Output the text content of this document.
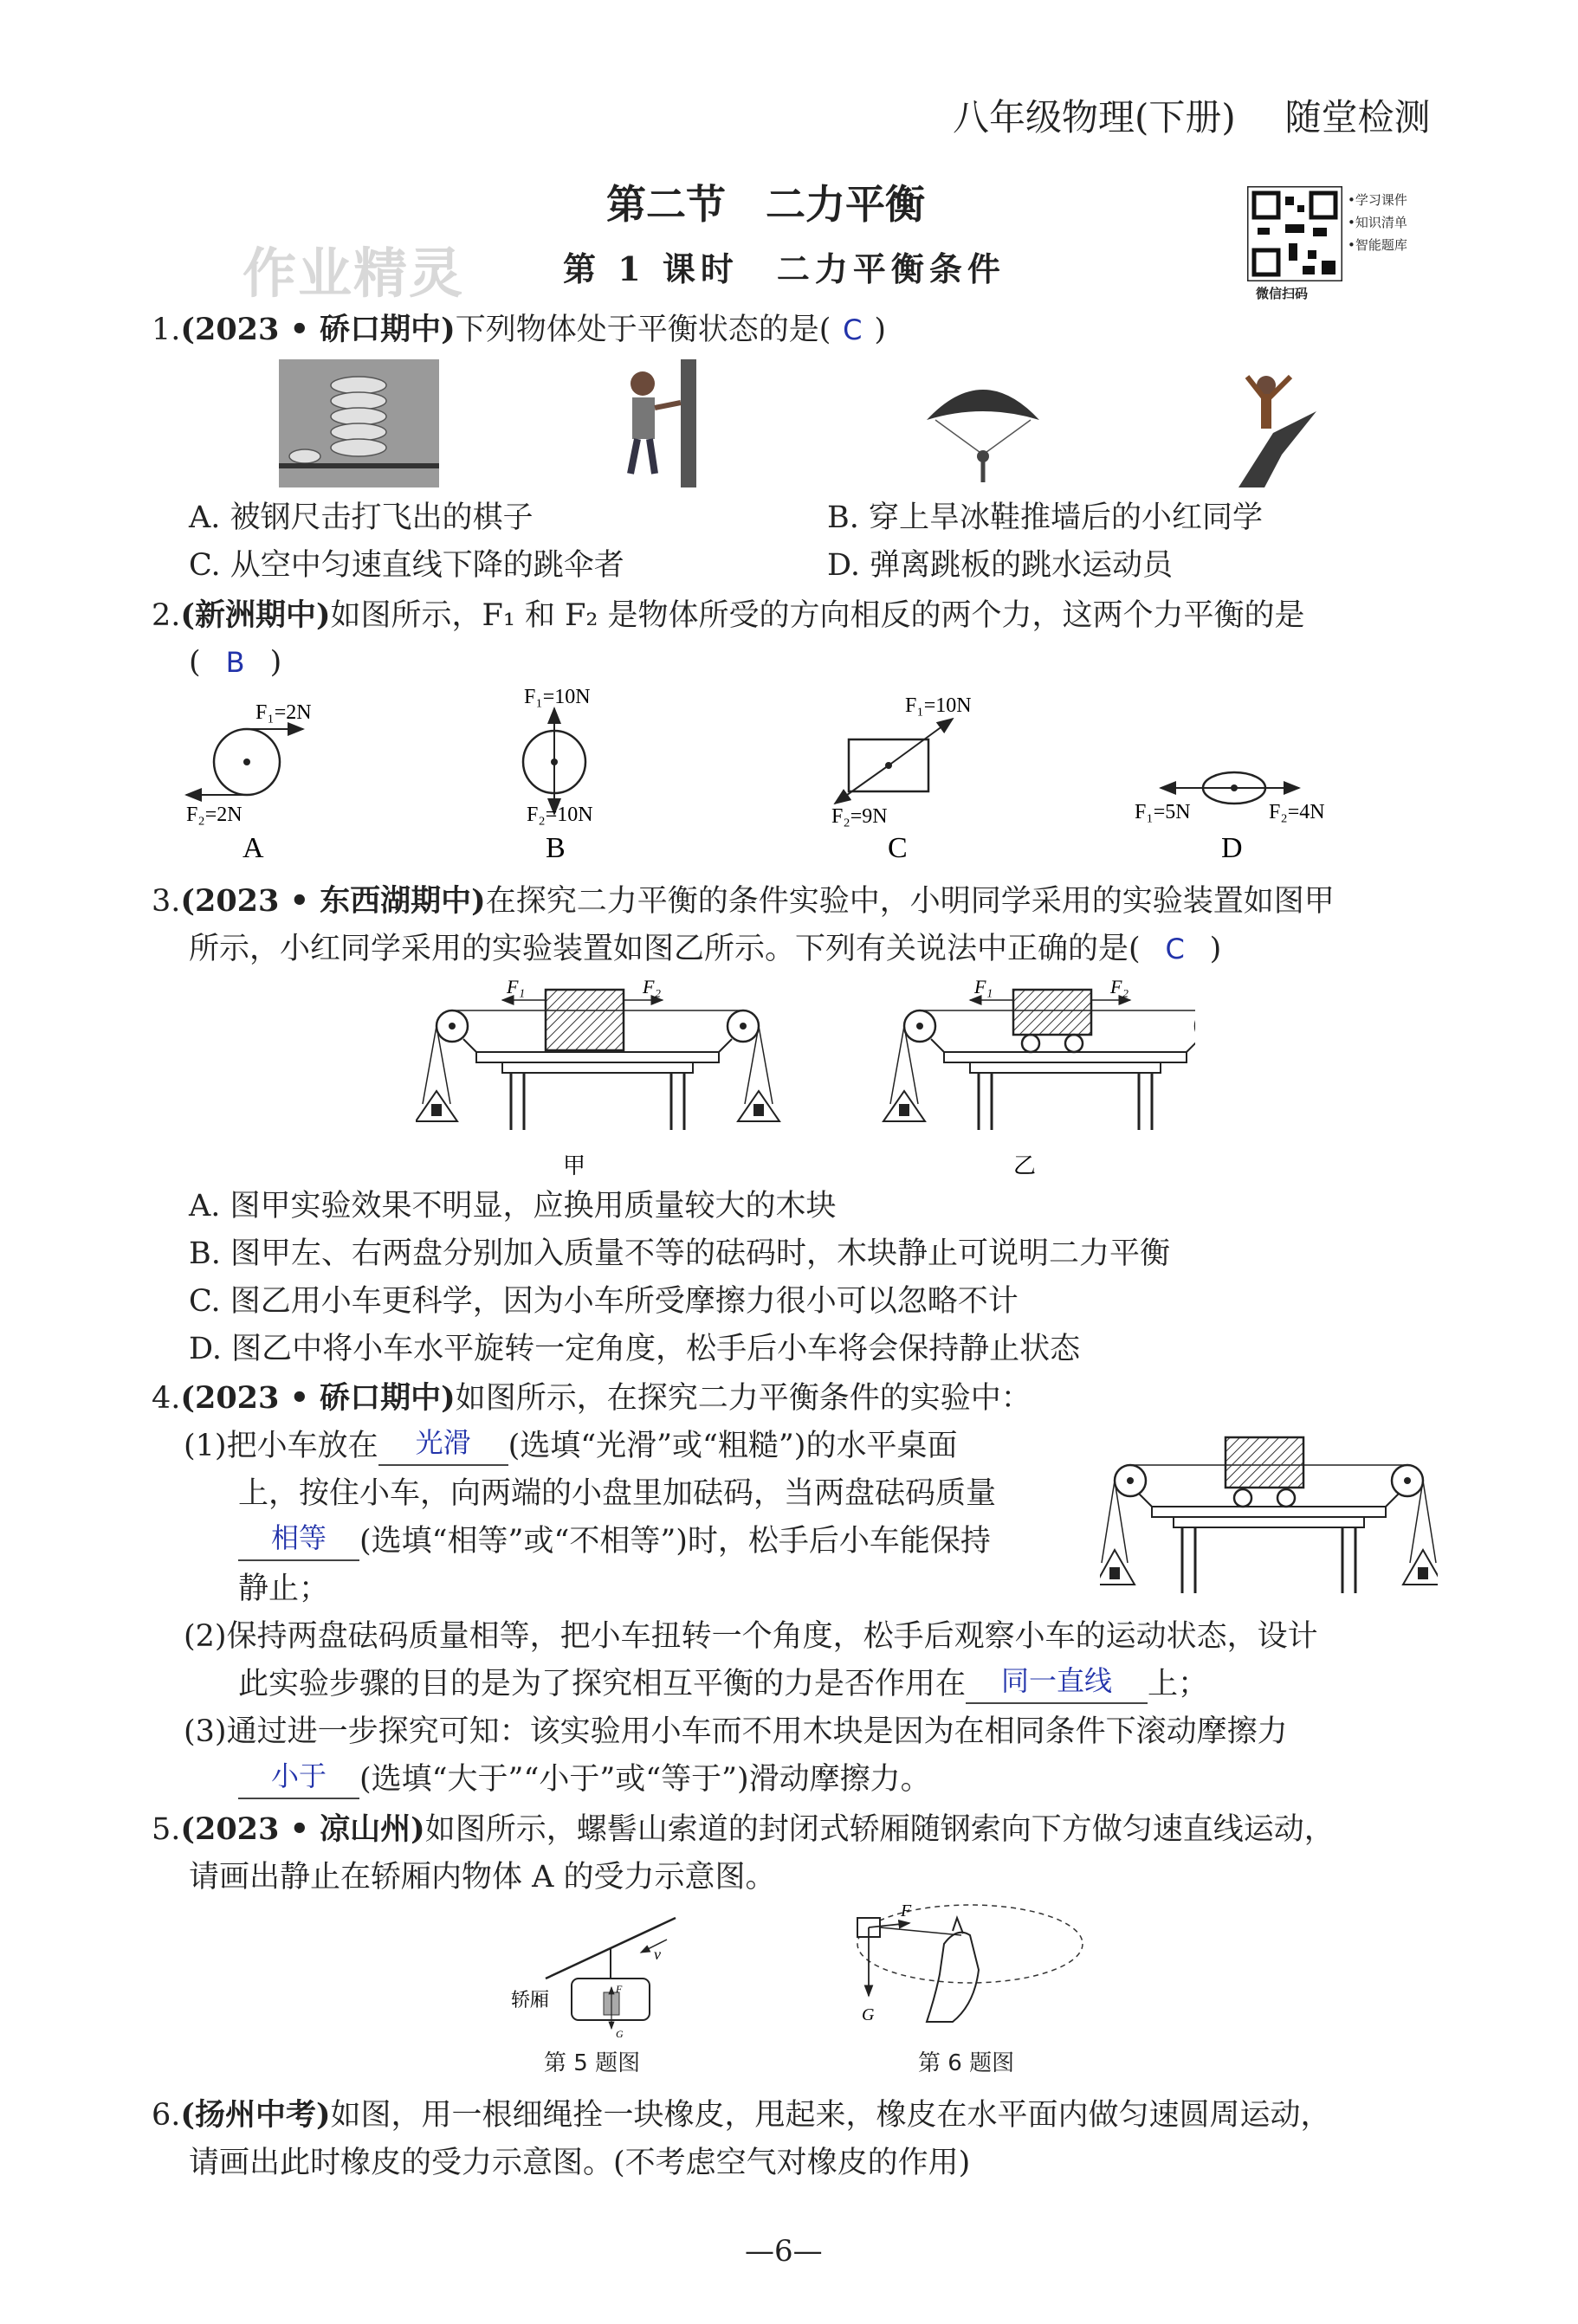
八年级物理(下册) 随堂检测
作业精灵
第二节　二力平衡
第 1 课时　二力平衡条件
•学习课件
•知识清单
•智能题库
微信扫码
1.(2023 • 硚口期中)下列物体处于平衡状态的是( C )
A. 被钢尺击打飞出的棋子	B. 穿上旱冰鞋推墙后的小红同学
C. 从空中匀速直线下降的跳伞者	D. 弹离跳板的跳水运动员
2.(新洲期中)如图所示，F₁ 和 F₂ 是物体所受的方向相反的两个力，这两个力平衡的是
( B )
F₁=2N
F₂=2N
A
F₁=10N
F₂=10N
B
F₁=10N
F₂=9N
C
F₁=5N	F₂=4N
D
3.(2023 • 东西湖期中)在探究二力平衡的条件实验中，小明同学采用的实验装置如图甲
所示，小红同学采用的实验装置如图乙所示。下列有关说法中正确的是( C )
F₁	F₂
甲
F₁	F₂
乙
A. 图甲实验效果不明显，应换用质量较大的木块
B. 图甲左、右两盘分别加入质量不等的砝码时，木块静止可说明二力平衡
C. 图乙用小车更科学，因为小车所受摩擦力很小可以忽略不计
D. 图乙中将小车水平旋转一定角度，松手后小车将会保持静止状态
4.(2023 • 硚口期中)如图所示，在探究二力平衡条件的实验中：
(1)把小车放在	光滑	(选填“光滑”或“粗糙”)的水平桌面
上，按住小车，向两端的小盘里加砝码，当两盘砝码质量
相等	(选填“相等”或“不相等”)时，松手后小车能保持
静止；
(2)保持两盘砝码质量相等，把小车扭转一个角度，松手后观察小车的运动状态，设计
此实验步骤的目的是为了探究相互平衡的力是否作用在	同一直线	上；
(3)通过进一步探究可知：该实验用小车而不用木块是因为在相同条件下滚动摩擦力
小于	(选填“大于”“小于”或“等于”)滑动摩擦力。
5.(2023 • 凉山州)如图所示，螺髻山索道的封闭式轿厢随钢索向下方做匀速直线运动，
请画出静止在轿厢内物体 A 的受力示意图。
v
F
G
轿厢
第 5 题图
F
G
第 6 题图
6.(扬州中考)如图，用一根细绳拴一块橡皮，甩起来，橡皮在水平面内做匀速圆周运动，
请画出此时橡皮的受力示意图。(不考虑空气对橡皮的作用)
—6—
